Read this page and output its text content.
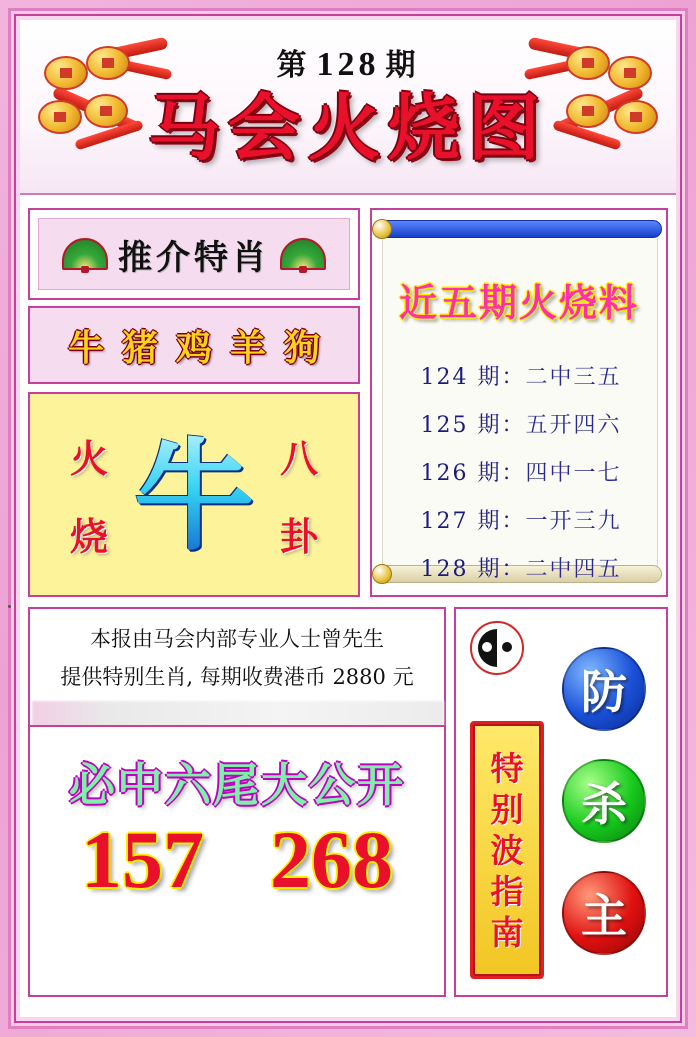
第 128 期
马会火烧图
推介特肖
牛 猪 鸡 羊 狗
火
烧 牛 八
卦
近五期火烧料
124 期：二中三五
125 期：五开四六
126 期：四中一七
127 期：一开三九
128 期：二中四五
本报由马会内部专业人士曾先生
提供特别生肖, 每期收费港币 2880 元
必中六尾大公开
157 268
特
别
波
指
南
防
杀
主
